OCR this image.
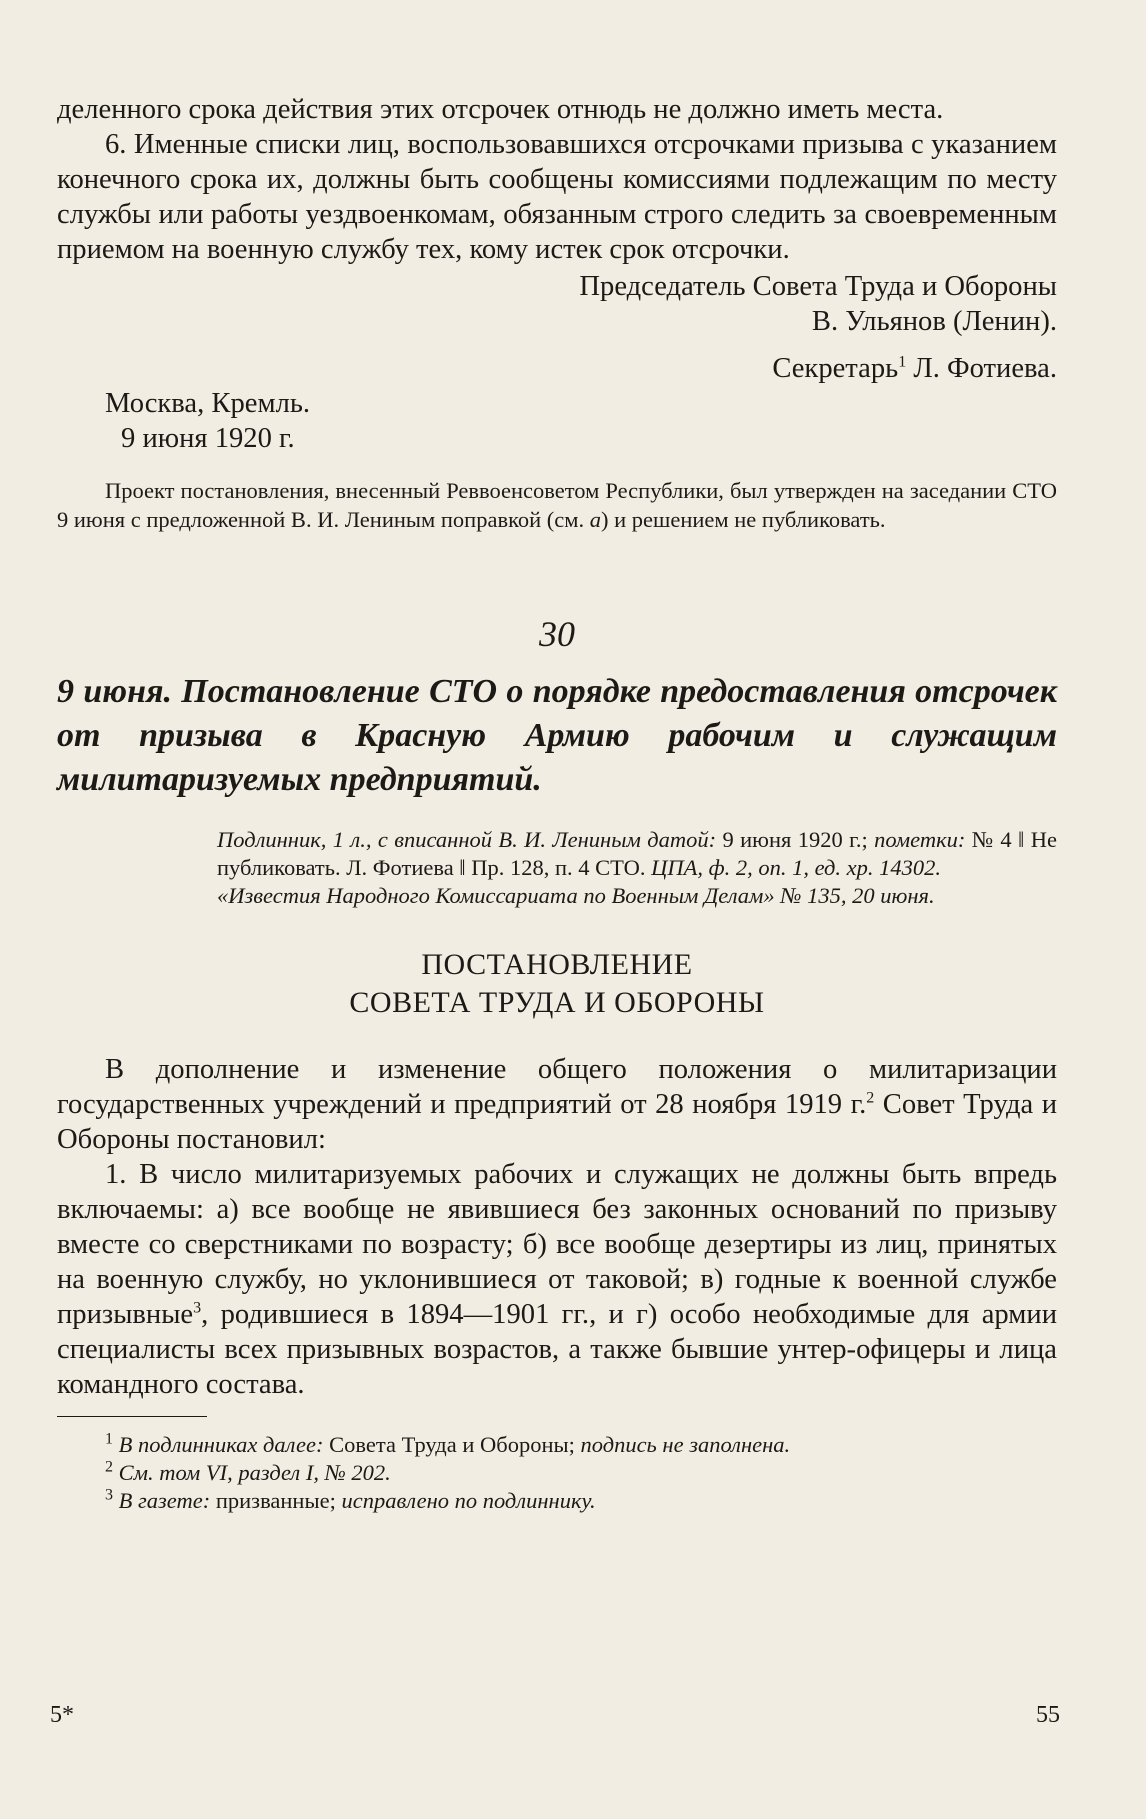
деленного срока действия этих отсрочек отнюдь не должно иметь места.

6. Именные списки лиц, воспользовавшихся отсрочками призыва с указанием конечного срока их, должны быть сообщены комиссиями подлежащим по месту службы или работы уездвоенкомам, обязанным строго следить за своевременным приемом на военную службу тех, кому истек срок отсрочки.

Председатель Совета Труда и Обороны
В. Ульянов (Ленин).
Секретарь$^1$ Л. Фотиева.
Москва, Кремль.
9 июня 1920 г.

Проект постановления, внесенный Реввоенсоветом Республики, был утвержден на заседании СТО 9 июня с предложенной В. И. Лениным поправкой (см. а) и решением не публиковать.

30
9 июня. Постановление СТО о порядке предоставления отсрочек от призыва в Красную Армию рабочим и служащим милитаризуемых предприятий.
Подлинник, 1 л., с вписанной В. И. Лениным датой: 9 июня 1920 г.; пометки: № 4 ‖ Не публиковать. Л. Фотиева ‖ Пр. 128, п. 4 СТО. ЦПА, ф. 2, оп. 1, ед. хр. 14302.
«Известия Народного Комиссариата по Военным Делам» № 135, 20 июня.
ПОСТАНОВЛЕНИЕ
СОВЕТА ТРУДА И ОБОРОНЫ

В дополнение и изменение общего положения о милитаризации государственных учреждений и предприятий от 28 ноября 1919 г.$^2$ Совет Труда и Обороны постановил:

1. В число милитаризуемых рабочих и служащих не должны быть впредь включаемы: а) все вообще не явившиеся без законных оснований по призыву вместе со сверстниками по возрасту; б) все вообще дезертиры из лиц, принятых на военную службу, но уклонившиеся от таковой; в) годные к военной службе призывные$^3$, родившиеся в 1894—1901 гг., и г) особо необходимые для армии специалисты всех призывных возрастов, а также бывшие унтер-офицеры и лица командного состава.

$^1$ В подлинниках далее: Совета Труда и Обороны; подпись не заполнена.
$^2$ См. том VI, раздел I, № 202.
$^3$ В газете: призванные; исправлено по подлиннику.
5*	55
